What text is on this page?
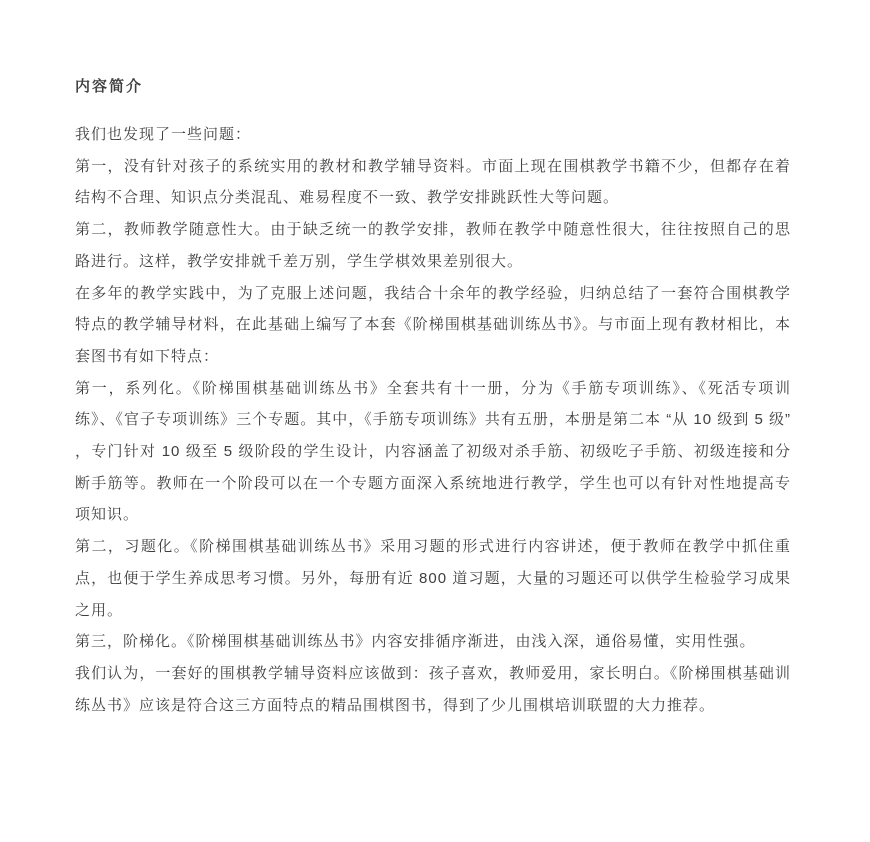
内容简介

我们也发现了一些问题：

第一，没有针对孩子的系统实用的教材和教学辅导资料。市面上现在围棋教学书籍不少，但都存在着结构不合理、知识点分类混乱、难易程度不一致、教学安排跳跃性大等问题。

第二，教师教学随意性大。由于缺乏统一的教学安排，教师在教学中随意性很大，往往按照自己的思路进行。这样，教学安排就千差万别，学生学棋效果差别很大。

在多年的教学实践中，为了克服上述问题，我结合十余年的教学经验，归纳总结了一套符合围棋教学特点的教学辅导材料，在此基础上编写了本套《阶梯围棋基础训练丛书》。与市面上现有教材相比，本套图书有如下特点：

第一，系列化。《阶梯围棋基础训练丛书》全套共有十一册，分为《手筋专项训练》、《死活专项训练》、《官子专项训练》三个专题。其中，《手筋专项训练》共有五册，本册是第二本 “从 10 级到 5 级” ，专门针对 10 级至 5 级阶段的学生设计，内容涵盖了初级对杀手筋、初级吃子手筋、初级连接和分断手筋等。教师在一个阶段可以在一个专题方面深入系统地进行教学，学生也可以有针对性地提高专项知识。

第二，习题化。《阶梯围棋基础训练丛书》采用习题的形式进行内容讲述，便于教师在教学中抓住重点，也便于学生养成思考习惯。另外，每册有近 800 道习题，大量的习题还可以供学生检验学习成果之用。

第三，阶梯化。《阶梯围棋基础训练丛书》内容安排循序渐进，由浅入深，通俗易懂，实用性强。

我们认为，一套好的围棋教学辅导资料应该做到：孩子喜欢，教师爱用，家长明白。《阶梯围棋基础训练丛书》应该是符合这三方面特点的精品围棋图书，得到了少儿围棋培训联盟的大力推荐。
